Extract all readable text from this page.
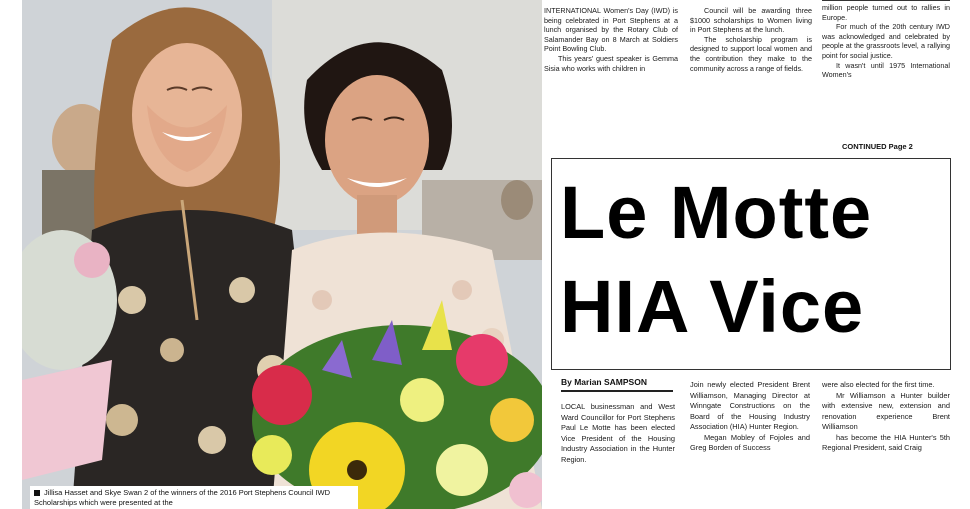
Jillisa Hasset and Skye Swan 2 of the winners of the 2016 Port Stephens Council IWD Scholarships which were presented at the

INTERNATIONAL Women's Day (IWD) is being celebrated in Port Stephens at a lunch organised by the Rotary Club of Salamander Bay on 8 March at Soldiers Point Bowling Club.

This years' guest speaker is Gemma Sisia who works with children in

Council will be awarding three $1000 scholarships to Women living in Port Stephens at the lunch.

The scholarship program is designed to support local women and the contribution they make to the community across a range of fields.

million people turned out to rallies in Europe.

For much of the 20th century IWD was acknowledged and celebrated by people at the grassroots level, a rallying point for social justice.

It wasn't until 1975 International Women's

CONTINUED Page 2
Le Motte
HIA Vice
By Marian SAMPSON

LOCAL businessman and West Ward Councillor for Port Stephens Paul Le Motte has been elected Vice President of the Housing Industry Association in the Hunter Region.

Join newly elected President Brent Williamson, Managing Director at Winngate Constructions on the Board of the Housing Industry Association (HIA) Hunter Region.

Megan Mobley of Fojoles and Greg Borden of Success

were also elected for the first time.

Mr Williamson a Hunter builder with extensive new, extension and renovation experience Brent Williamson

has become the HIA Hunter's 5th Regional President, said Craig
